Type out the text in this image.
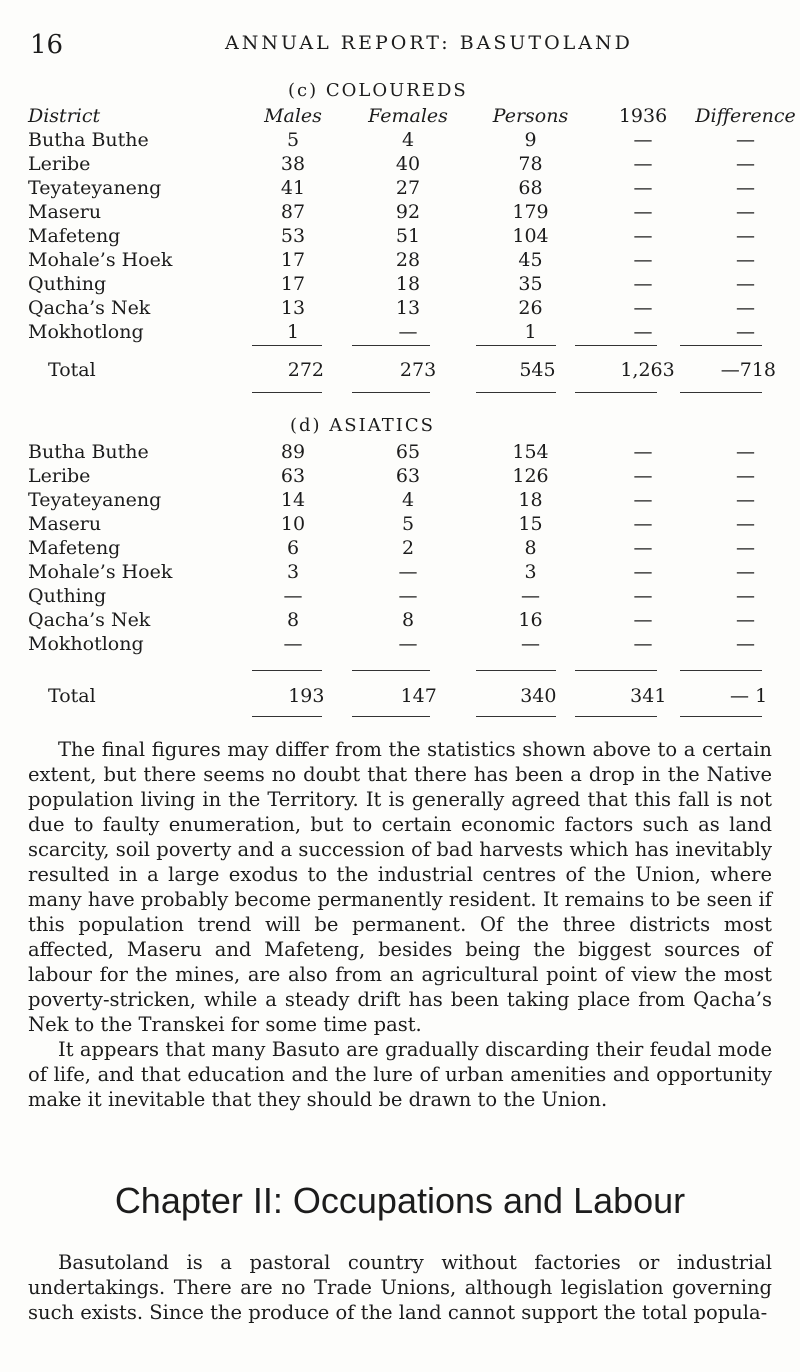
16	ANNUAL REPORT: BASUTOLAND
(c) COLOUREDS
District	Males	Females	Persons	1936	Difference
Butha Buthe	5	4	9	—	—
Leribe	38	40	78	—	—
Teyateyaneng	41	27	68	—	—
Maseru	87	92	179	—	—
Mafeteng	53	51	104	—	—
Mohale’s Hoek	17	28	45	—	—
Quthing	17	18	35	—	—
Qacha’s Nek	13	13	26	—	—
Mokhotlong	1	—	1	—	—
Total	272	273	545	1,263	—718
(d) ASIATICS
Butha Buthe	89	65	154	—	—
Leribe	63	63	126	—	—
Teyateyaneng	14	4	18	—	—
Maseru	10	5	15	—	—
Mafeteng	6	2	8	—	—
Mohale’s Hoek	3	—	3	—	—
Quthing	—	—	—	—	—
Qacha’s Nek	8	8	16	—	—
Mokhotlong	—	—	—	—	—
Total	193	147	340	341	— 1

The final figures may differ from the statistics shown above to a certain extent, but there seems no doubt that there has been a drop in the Native population living in the Territory. It is generally agreed that this fall is not due to faulty enumeration, but to certain economic factors such as land scarcity, soil poverty and a succession of bad harvests which has inevitably resulted in a large exodus to the industrial centres of the Union, where many have probably become permanently resident. It remains to be seen if this population trend will be permanent. Of the three districts most affected, Maseru and Mafeteng, besides being the biggest sources of labour for the mines, are also from an agricultural point of view the most poverty-stricken, while a steady drift has been taking place from Qacha’s Nek to the Transkei for some time past.

It appears that many Basuto are gradually discarding their feudal mode of life, and that education and the lure of urban amenities and opportunity make it inevitable that they should be drawn to the Union.

Chapter II: Occupations and Labour

Basutoland is a pastoral country without factories or industrial undertakings. There are no Trade Unions, although legislation governing such exists. Since the produce of the land cannot support the total popula-
